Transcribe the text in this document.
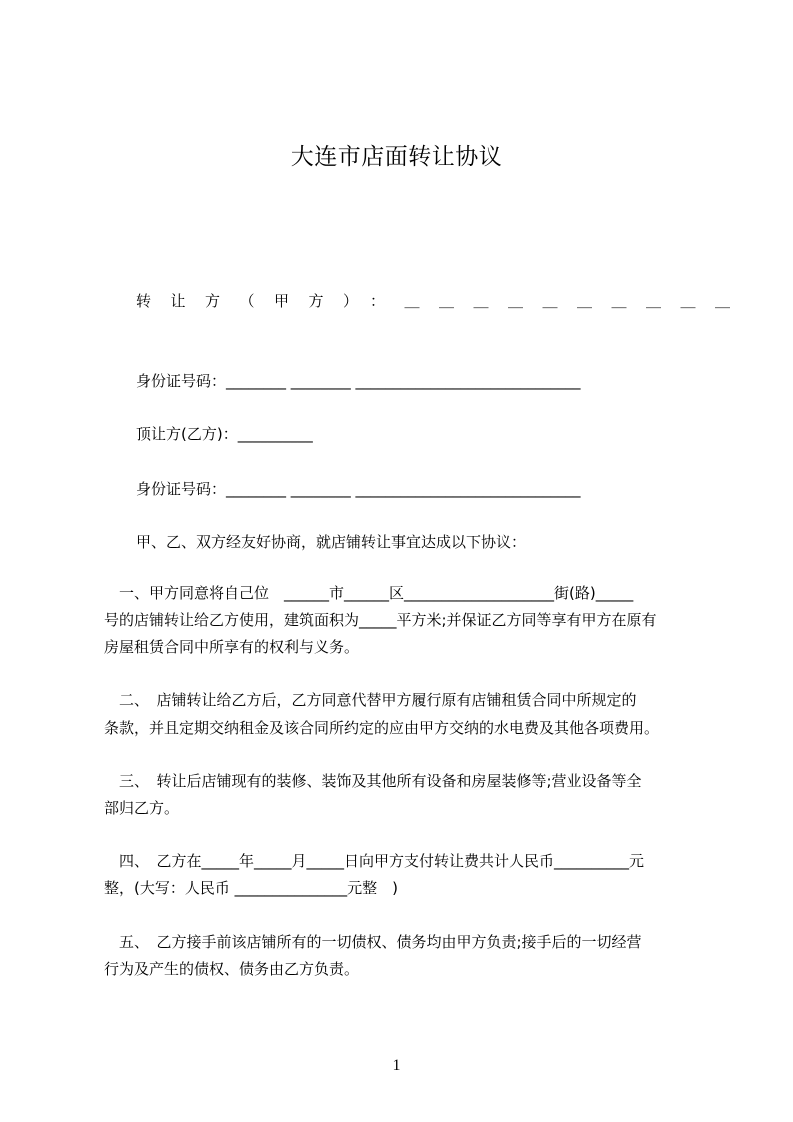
大连市店面转让协议
转让方（甲方）：＿＿＿＿＿＿＿＿＿＿
身份证号码：________ ________ ______________________________
顶让方(乙方)：__________
身份证号码：________ ________ ______________________________
甲、乙、双方经友好协商，就店铺转让事宜达成以下协议：
　一、甲方同意将自己位　______市______区____________________街(路)_____
号的店铺转让给乙方使用，建筑面积为_____平方米;并保证乙方同等享有甲方在原有
房屋租赁合同中所享有的权利与义务。
　二、　店铺转让给乙方后，乙方同意代替甲方履行原有店铺租赁合同中所规定的
条款，并且定期交纳租金及该合同所约定的应由甲方交纳的水电费及其他各项费用。
　三、　转让后店铺现有的装修、装饰及其他所有设备和房屋装修等;营业设备等全
部归乙方。
　四、　乙方在_____年_____月_____日向甲方支付转让费共计人民币__________元
整，(大写：人民币 _______________元整　)
　五、　乙方接手前该店铺所有的一切债权、债务均由甲方负责;接手后的一切经营
行为及产生的债权、债务由乙方负责。
1
